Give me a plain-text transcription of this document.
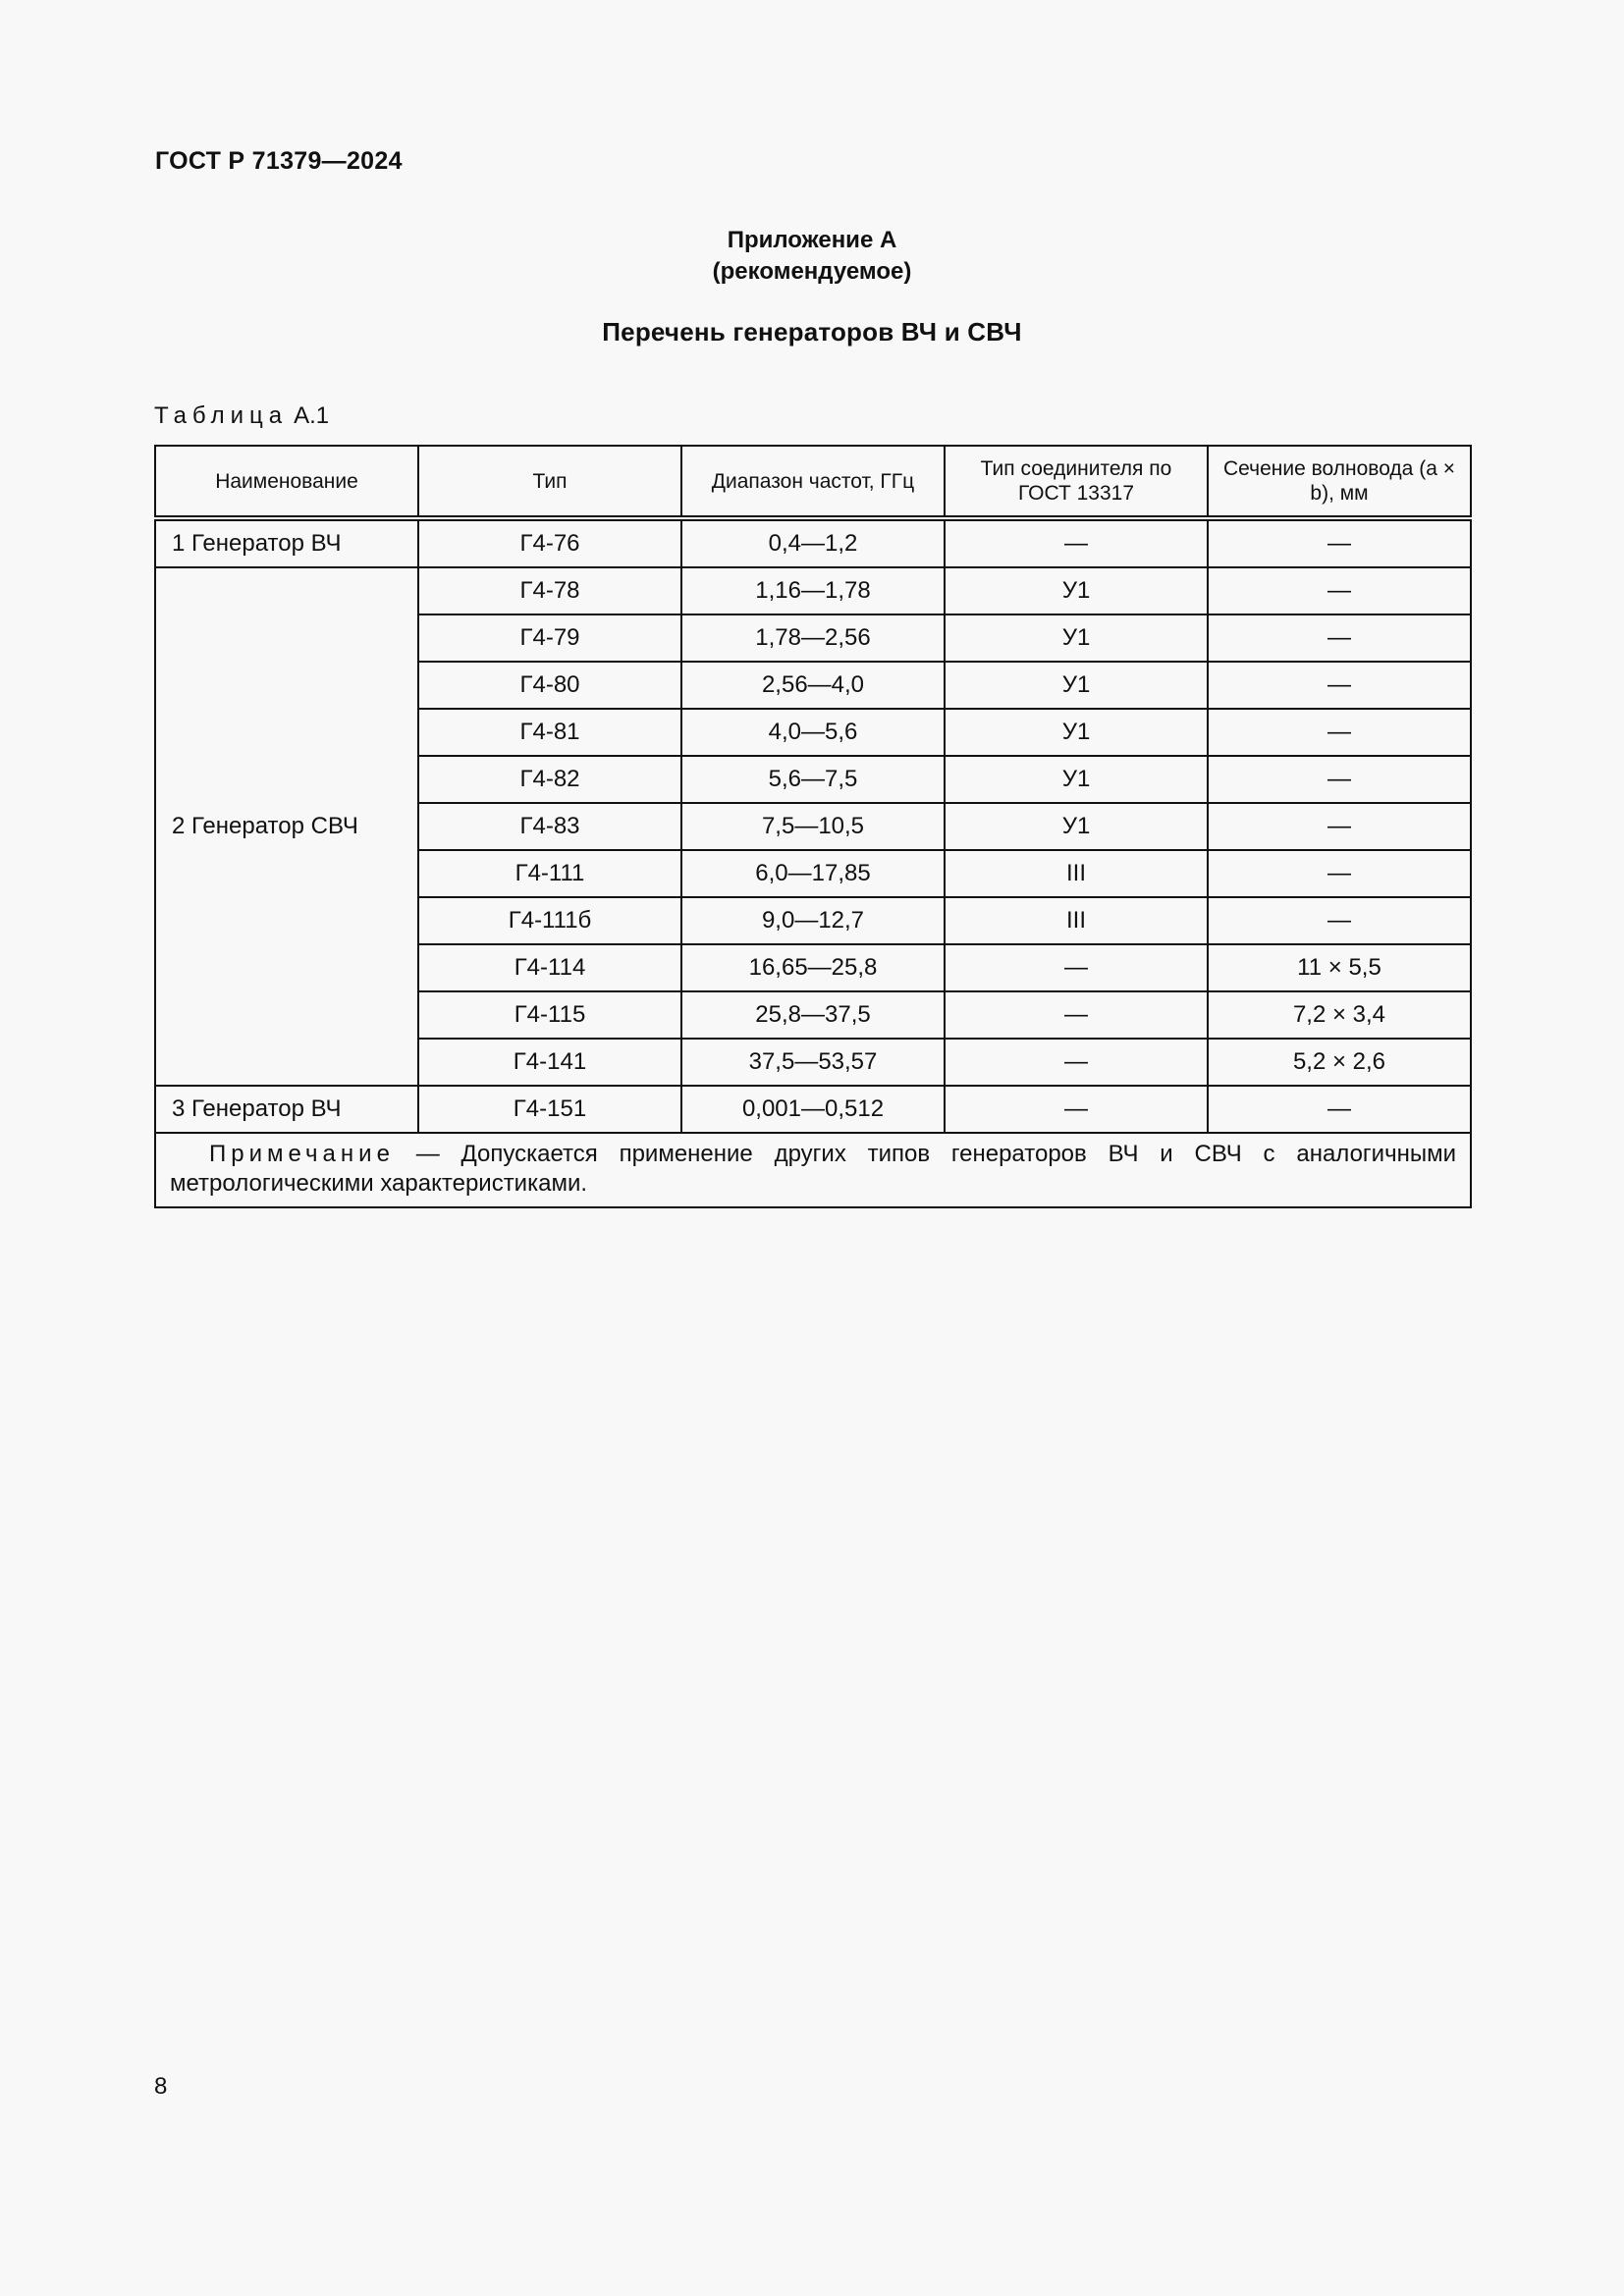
ГОСТ Р 71379—2024
Приложение А
(рекомендуемое)
Перечень генераторов ВЧ и СВЧ
Таблица А.1
Наименование	Тип	Диапазон частот, ГГц	Тип соединителя по ГОСТ 13317	Сечение волновода (a × b), мм
1 Генератор ВЧ	Г4-76	0,4—1,2	—	—
2 Генератор СВЧ	Г4-78	1,16—1,78	У1	—
	Г4-79	1,78—2,56	У1	—
	Г4-80	2,56—4,0	У1	—
	Г4-81	4,0—5,6	У1	—
	Г4-82	5,6—7,5	У1	—
	Г4-83	7,5—10,5	У1	—
	Г4-111	6,0—17,85	III	—
	Г4-111б	9,0—12,7	III	—
	Г4-114	16,65—25,8	—	11 × 5,5
	Г4-115	25,8—37,5	—	7,2 × 3,4
	Г4-141	37,5—53,57	—	5,2 × 2,6
3 Генератор ВЧ	Г4-151	0,001—0,512	—	—
Примечание — Допускается применение других типов генераторов ВЧ и СВЧ с аналогичными метрологическими характеристиками.				
8
